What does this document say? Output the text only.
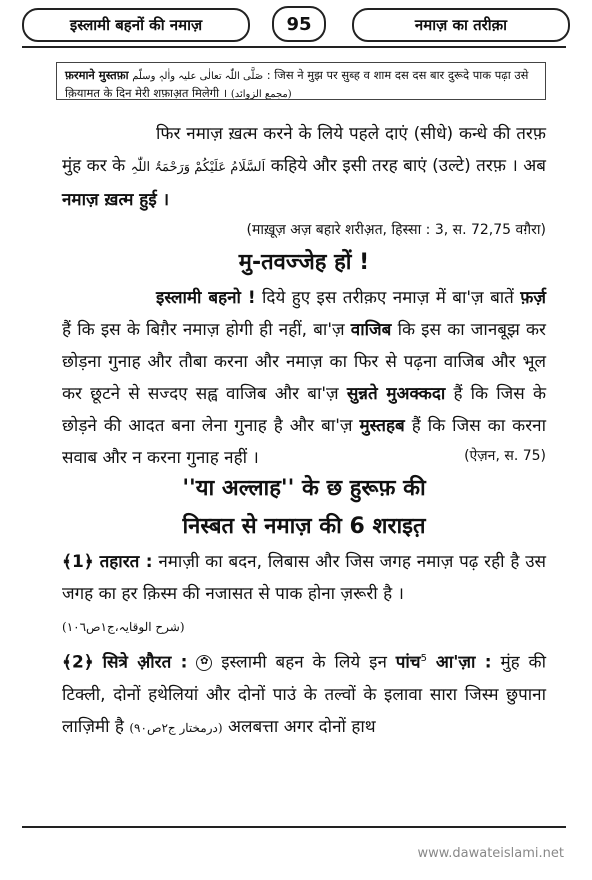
इस्लामी बहनों की नमाज़	95	नमाज़ का तरीक़ा
फ़रमाने मुस्तफ़ा صَلَّی اللّٰہ تعالٰی علیہ واٰلہٖ وسلّم : जिस ने मुझ पर सुब्ह व शाम दस दस बार दुरूदे पाक पढ़ा उसे क़ियामत के दिन मेरी शफ़ाअ़त मिलेगी । (مجمع الزوائد)

फिर नमाज़ ख़त्म करने के लिये पहले दाएं (सीधे) कन्धे की तरफ़ मुंह कर के اَلسَّلَامُ عَلَیْکُمْ وَرَحْمَۃُ اللّٰہِ कहिये और इसी तरह बाएं (उल्टे) तरफ़ । अब नमाज़ ख़त्म हुई ।

(माख़ूज़ अज़ बहारे शरीअ़त, हिस्सा : 3, स. 72,75 वग़ैरा)

मु-तवज्जेह हों !

इस्लामी बहनो ! दिये हुए इस तरीक़ए नमाज़ में बा'ज़ बातें फ़र्ज़ हैं कि इस के बिग़ैर नमाज़ होगी ही नहीं, बा'ज़ वाजिब कि इस का जानबूझ कर छोड़ना गुनाह और तौबा करना और नमाज़ का फिर से पढ़ना वाजिब और भूल कर छूटने से सज्दए सह्व वाजिब और बा'ज़ सुन्नते मुअक्कदा हैं कि जिस के छोड़ने की आदत बना लेना गुनाह है और बा'ज़ मुस्तहब हैं कि जिस का करना सवाब और न करना गुनाह नहीं ।	(ऐज़न, स. 75)

''या अल्लाह'' के छ हुरूफ़ की
निस्बत से नमाज़ की 6 शराइत़

﴾1﴿ तहारत : नमाज़ी का बदन, लिबास और जिस जगह नमाज़ पढ़ रही है उस जगह का हर क़िस्म की नजासत से पाक होना ज़रूरी है ।

(شرح الوقایہ،ج١ص١٠٦)

﴾2﴿ सित्रे औ़रत : ✿ इस्लामी बहन के लिये इन पांच$^5$ आ'ज़ा : मुंह की टिक्ली, दोनों हथेलियां और दोनों पाउं के तल्वों के इलावा सारा जिस्म छुपाना लाज़िमी है (درمختار ج٢ص٩٠) अलबत्ता अगर दोनों हाथ

www.dawateislami.net
